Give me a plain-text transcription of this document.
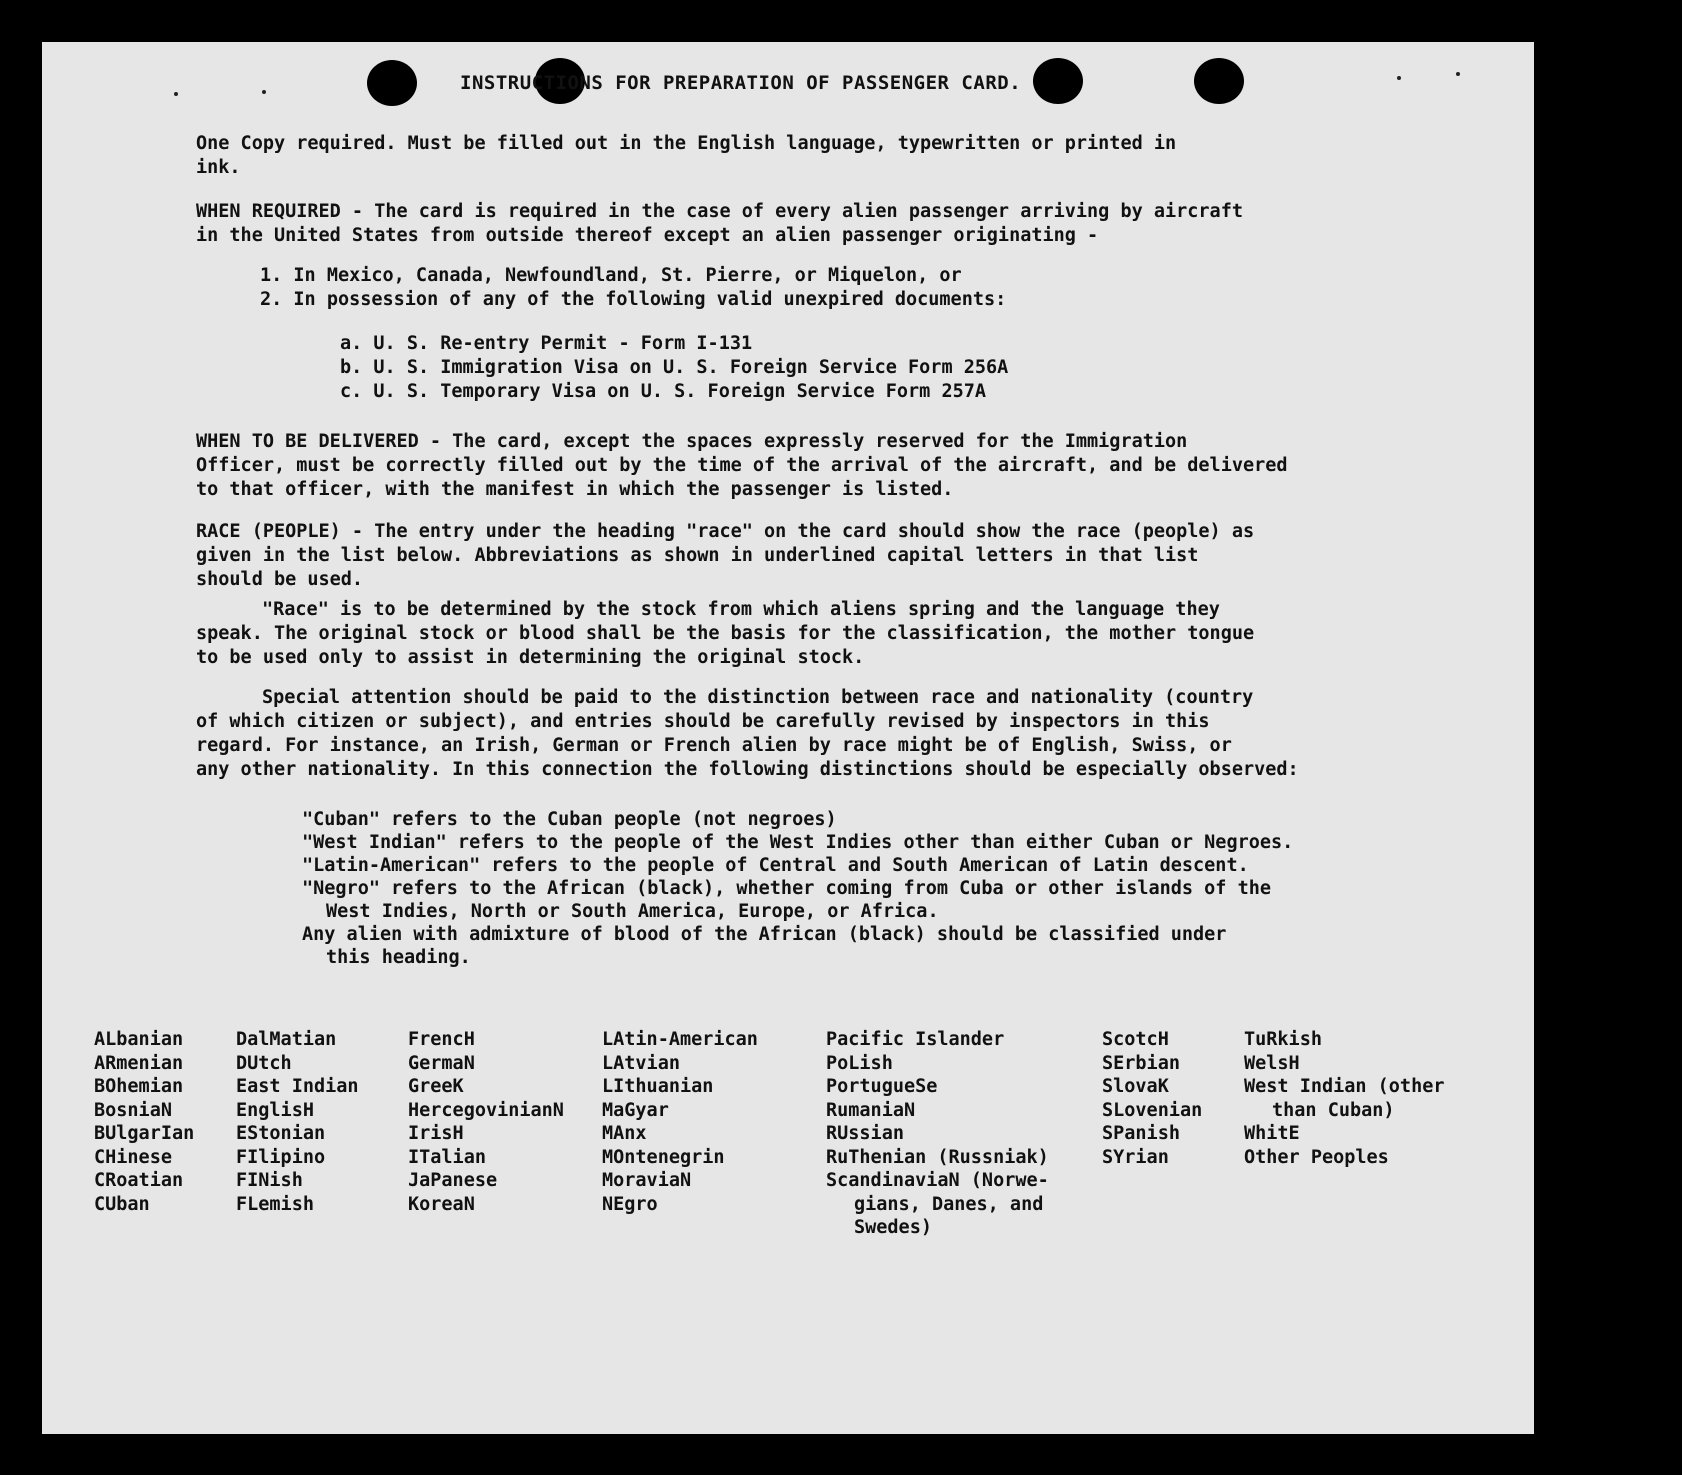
INSTRUCTIONS FOR PREPARATION OF PASSENGER CARD.
One Copy required. Must be filled out in the English language, typewritten or printed in
ink.
WHEN REQUIRED - The card is required in the case of every alien passenger arriving by aircraft
in the United States from outside thereof except an alien passenger originating -
1. In Mexico, Canada, Newfoundland, St. Pierre, or Miquelon, or
2. In possession of any of the following valid unexpired documents:
a. U. S. Re-entry Permit - Form I-131
b. U. S. Immigration Visa on U. S. Foreign Service Form 256A
c. U. S. Temporary Visa on U. S. Foreign Service Form 257A
WHEN TO BE DELIVERED - The card, except the spaces expressly reserved for the Immigration
Officer, must be correctly filled out by the time of the arrival of the aircraft, and be delivered
to that officer, with the manifest in which the passenger is listed.
RACE (PEOPLE) - The entry under the heading "race" on the card should show the race (people) as
given in the list below. Abbreviations as shown in underlined capital letters in that list
should be used.
"Race" is to be determined by the stock from which aliens spring and the language they
speak. The original stock or blood shall be the basis for the classification, the mother tongue
to be used only to assist in determining the original stock.
Special attention should be paid to the distinction between race and nationality (country
of which citizen or subject), and entries should be carefully revised by inspectors in this
regard. For instance, an Irish, German or French alien by race might be of English, Swiss, or
any other nationality. In this connection the following distinctions should be especially observed:
"Cuban" refers to the Cuban people (not negroes)
"West Indian" refers to the people of the West Indies other than either Cuban or Negroes.
"Latin-American" refers to the people of Central and South American of Latin descent.
"Negro" refers to the African (black), whether coming from Cuba or other islands of the
West Indies, North or South America, Europe, or Africa.
Any alien with admixture of blood of the African (black) should be classified under
this heading.
ALbanian
ARmenian
BOhemian
BosniaN
BUlgarIan
CHinese
CRoatian
CUban
DalMatian
DUtch
East Indian
EnglisH
EStonian
FIlipino
FINish
FLemish
FrencH
GermaN
GreeK
HercegovinianN
IrisH
ITalian
JaPanese
KoreaN
LAtin-American
LAtvian
LIthuanian
MaGyar
MAnx
MOntenegrin
MoraviaN
NEgro
Pacific Islander
PoLish
PortugueSe
RumaniaN
RUssian
RuThenian (Russniak)
ScandinaviaN (Norwe-
gians, Danes, and
Swedes)
ScotcH
SErbian
SlovaK
SLovenian
SPanish
SYrian
TuRkish
WelsH
West Indian (other
than Cuban)
WhitE
Other Peoples
